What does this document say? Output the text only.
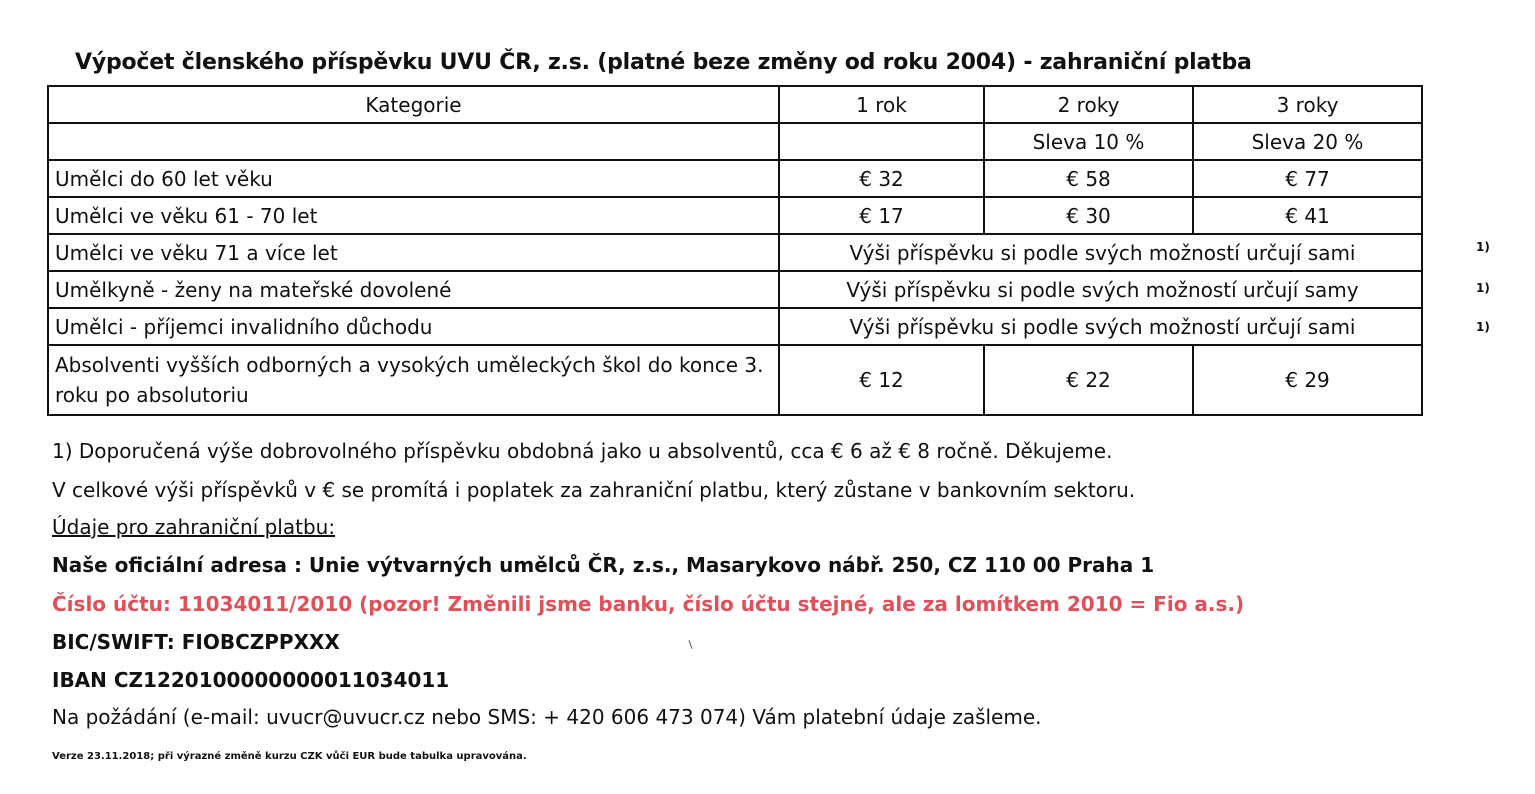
Výpočet členského příspěvku UVU ČR, z.s. (platné beze změny od roku 2004) - zahraniční platba
Kategorie	1 rok	2 roky	3 roky
		Sleva 10 %	Sleva 20 %
Umělci do 60 let věku	€ 32	€ 58	€ 77
Umělci ve věku 61 - 70 let	€ 17	€ 30	€ 41
Umělci ve věku 71 a více let	Výši příspěvku si podle svých možností určují sami		
Umělkyně - ženy na mateřské dovolené	Výši příspěvku si podle svých možností určují samy		
Umělci - příjemci invalidního důchodu	Výši příspěvku si podle svých možností určují sami		
Absolventi vyšších odborných a vysokých uměleckých škol do konce 3. roku po absolutoriu	€ 12	€ 22	€ 29
1)
1)
1)
1) Doporučená výše dobrovolného příspěvku obdobná jako u absolventů, cca € 6 až € 8 ročně. Děkujeme.
V celkové výši příspěvků v € se promítá i poplatek za zahraniční platbu, který zůstane v bankovním sektoru.
Údaje pro zahraniční platbu:
Naše oficiální adresa : Unie výtvarných umělců ČR, z.s., Masarykovo nábř. 250, CZ 110 00 Praha 1
Číslo účtu: 11034011/2010 (pozor! Změnili jsme banku, číslo účtu stejné, ale za lomítkem 2010 = Fio a.s.)
BIC/SWIFT: FIOBCZPPXXX
IBAN CZ1220100000000011034011
Na požádání (e-mail: uvucr@uvucr.cz nebo SMS: + 420 606 473 074) Vám platební údaje zašleme.
Verze 23.11.2018; při výrazné změně kurzu CZK vůči EUR bude tabulka upravována.
